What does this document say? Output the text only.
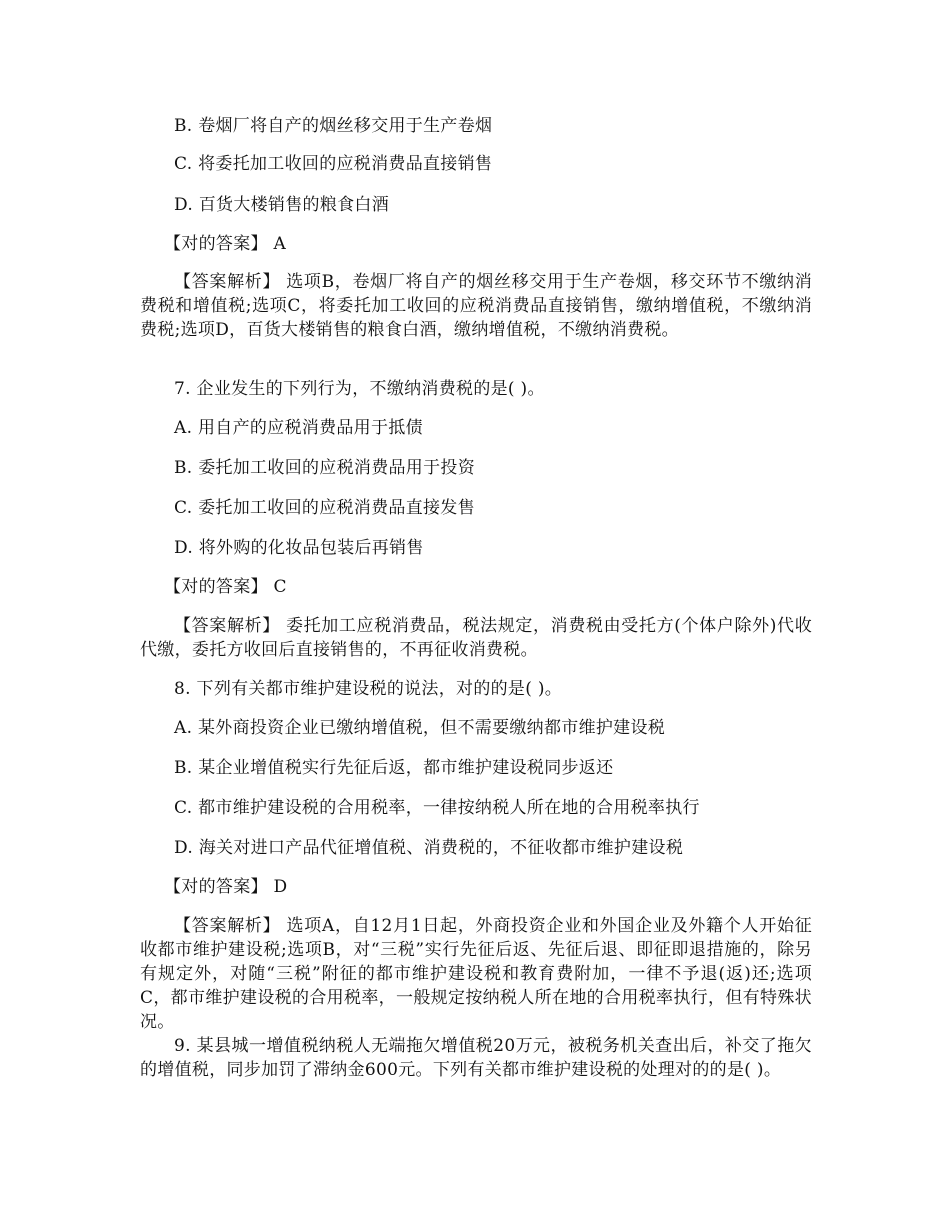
B. 卷烟厂将自产的烟丝移交用于生产卷烟
C. 将委托加工收回的应税消费品直接销售
D. 百货大楼销售的粮食白酒
【对的答案】 A
【答案解析】 选项B，卷烟厂将自产的烟丝移交用于生产卷烟，移交环节不缴纳消费税和增值税;选项C，将委托加工收回的应税消费品直接销售，缴纳增值税，不缴纳消费税;选项D，百货大楼销售的粮食白酒，缴纳增值税，不缴纳消费税。
7. 企业发生的下列行为，不缴纳消费税的是( )。
A. 用自产的应税消费品用于抵债
B. 委托加工收回的应税消费品用于投资
C. 委托加工收回的应税消费品直接发售
D. 将外购的化妆品包装后再销售
【对的答案】 C
【答案解析】 委托加工应税消费品，税法规定，消费税由受托方(个体户除外)代收代缴，委托方收回后直接销售的，不再征收消费税。
8. 下列有关都市维护建设税的说法，对的的是( )。
A. 某外商投资企业已缴纳增值税，但不需要缴纳都市维护建设税
B. 某企业增值税实行先征后返，都市维护建设税同步返还
C. 都市维护建设税的合用税率，一律按纳税人所在地的合用税率执行
D. 海关对进口产品代征增值税、消费税的，不征收都市维护建设税
【对的答案】 D
【答案解析】 选项A，自12月1日起，外商投资企业和外国企业及外籍个人开始征收都市维护建设税;选项B，对“三税”实行先征后返、先征后退、即征即退措施的，除另有规定外，对随“三税”附征的都市维护建设税和教育费附加，一律不予退(返)还;选项C，都市维护建设税的合用税率，一般规定按纳税人所在地的合用税率执行，但有特殊状况。
9. 某县城一增值税纳税人无端拖欠增值税20万元，被税务机关查出后，补交了拖欠的增值税，同步加罚了滞纳金600元。下列有关都市维护建设税的处理对的的是( )。
